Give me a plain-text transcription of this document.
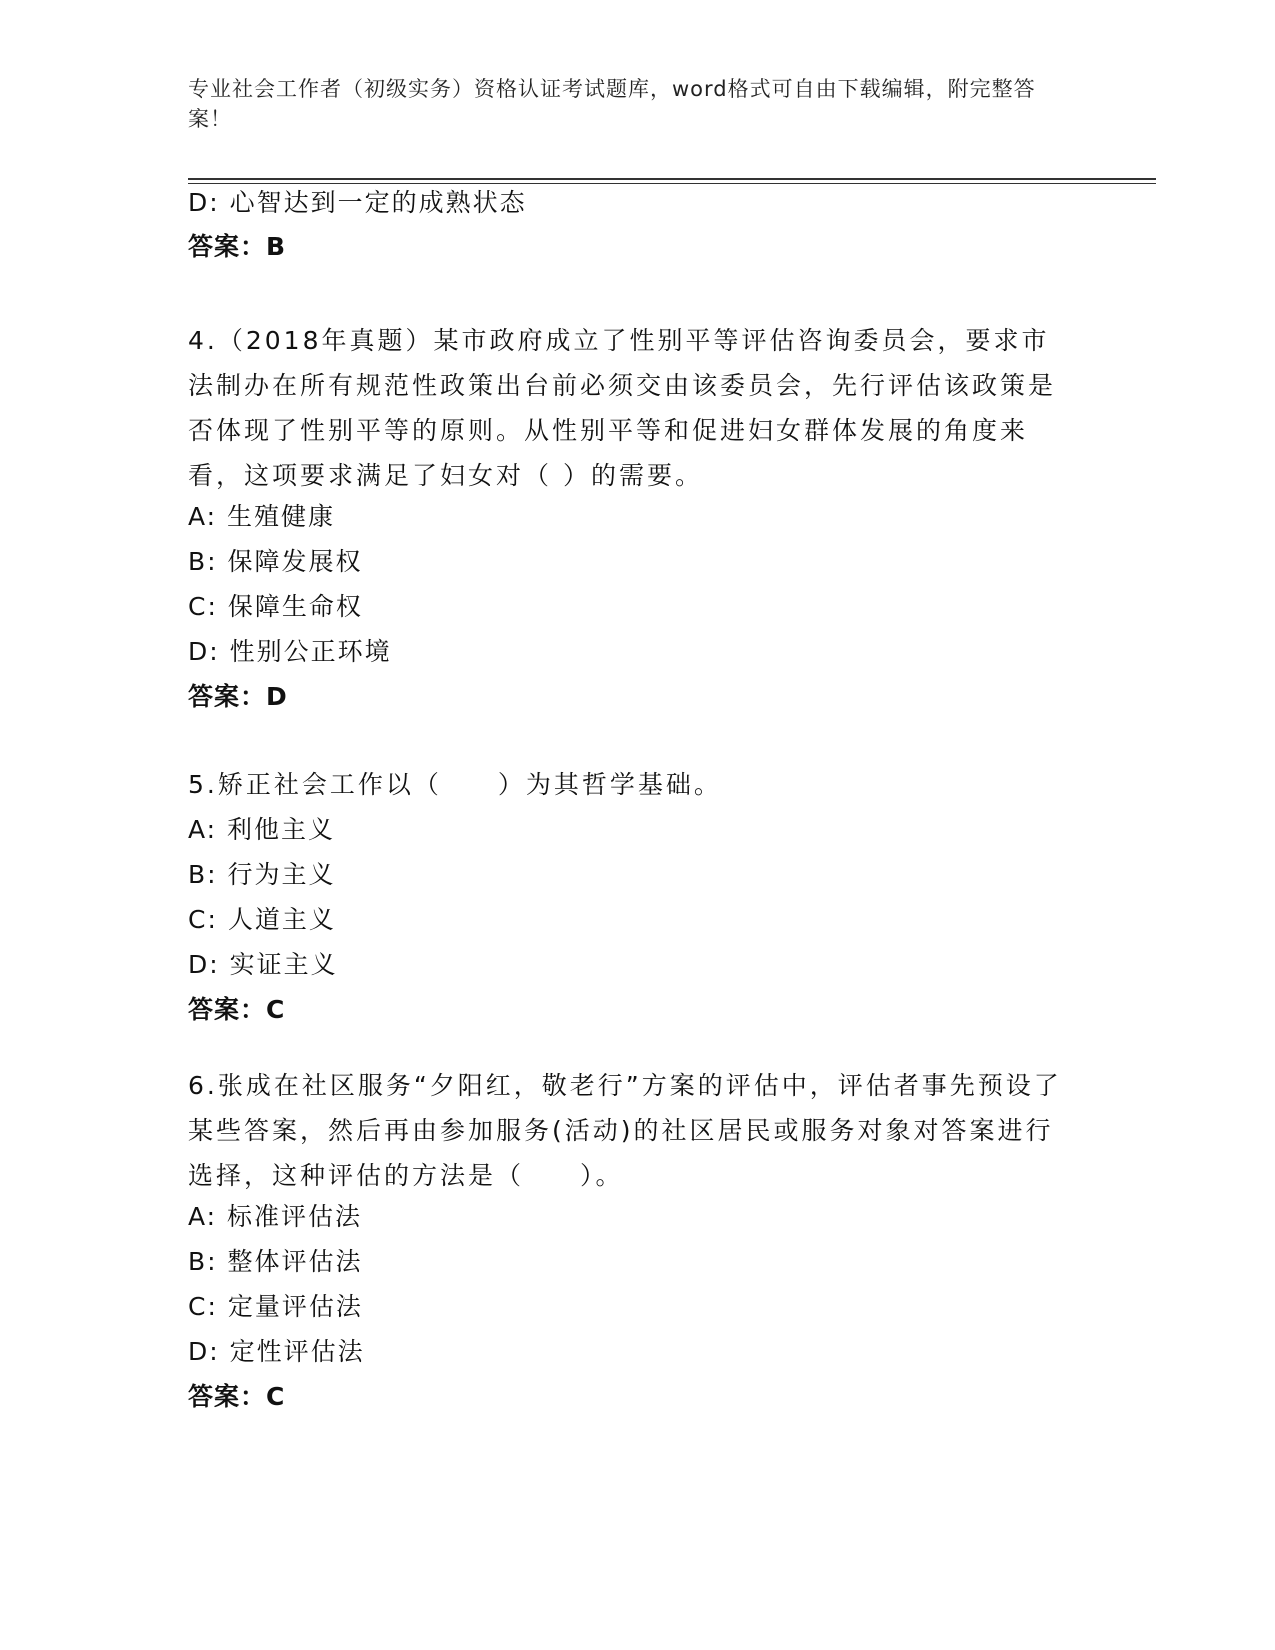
专业社会工作者（初级实务）资格认证考试题库，word格式可自由下载编辑，附完整答案！
D: 心智达到一定的成熟状态
答案：B
4.（2018年真题）某市政府成立了性别平等评估咨询委员会，要求市法制办在所有规范性政策出台前必须交由该委员会，先行评估该政策是否体现了性别平等的原则。从性别平等和促进妇女群体发展的角度来看，这项要求满足了妇女对（ ）的需要。
A: 生殖健康
B: 保障发展权
C: 保障生命权
D: 性别公正环境
答案：D
5.矫正社会工作以（　　）为其哲学基础。
A: 利他主义
B: 行为主义
C: 人道主义
D: 实证主义
答案：C
6.张成在社区服务“夕阳红，敬老行”方案的评估中，评估者事先预设了某些答案，然后再由参加服务(活动)的社区居民或服务对象对答案进行选择，这种评估的方法是（　　）。
A: 标准评估法
B: 整体评估法
C: 定量评估法
D: 定性评估法
答案：C
